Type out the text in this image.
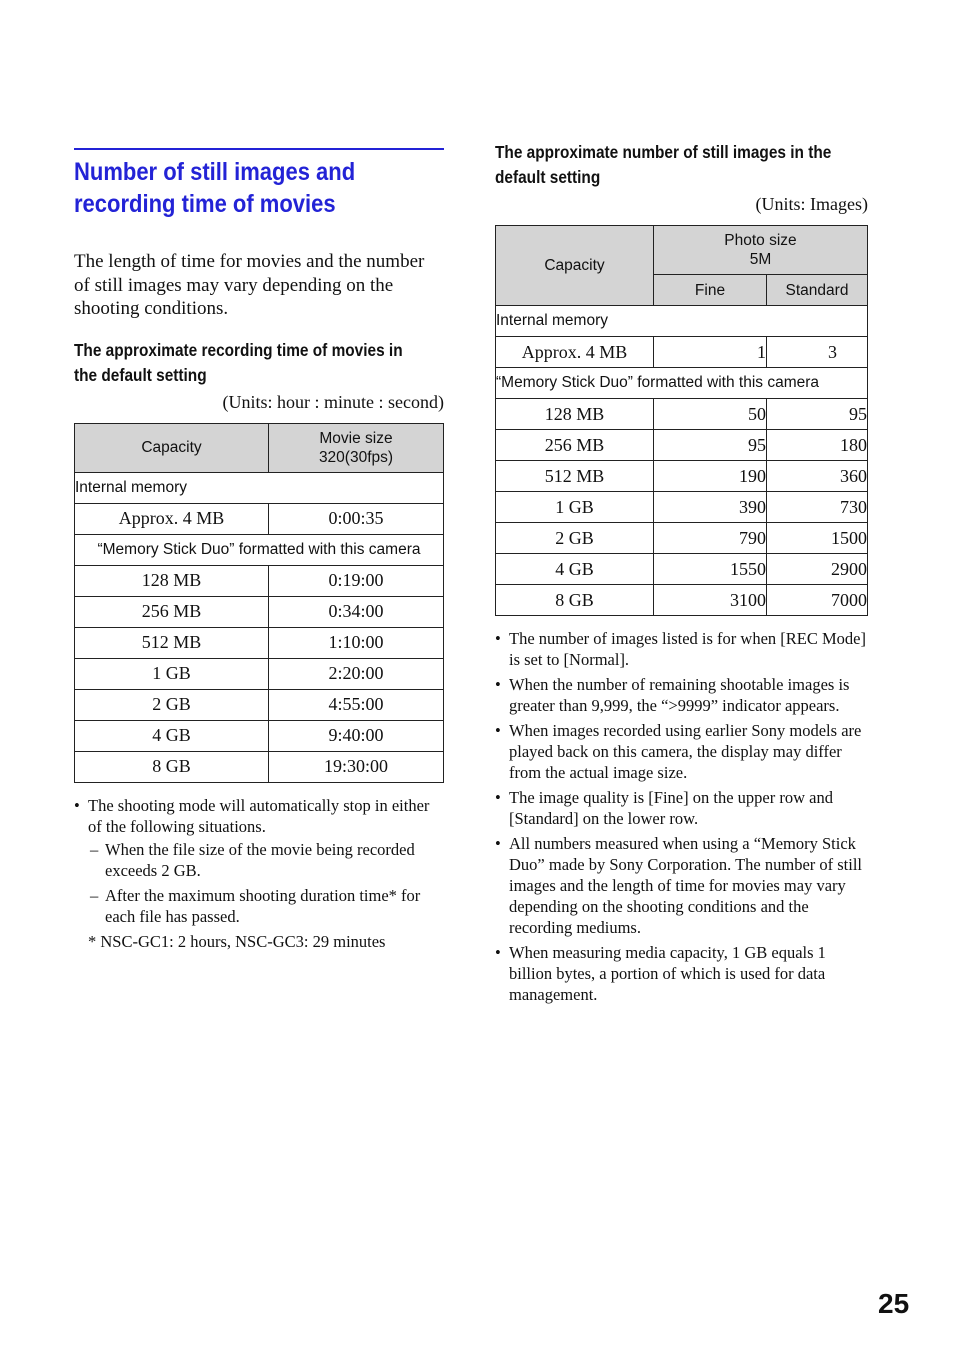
Number of still images and
recording time of movies

The length of time for movies and the number of still images may vary depending on the shooting conditions.

The approximate recording time of movies in
the default setting
(Units: hour : minute : second)
Capacity	Movie size
320(30fps)
Internal memory	
Approx. 4 MB	0:00:35
“Memory Stick Duo” formatted with this camera	
128 MB	0:19:00
256 MB	0:34:00
512 MB	1:10:00
1 GB	2:20:00
2 GB	4:55:00
4 GB	9:40:00
8 GB	19:30:00
• The shooting mode will automatically stop in either of the following situations.
– When the file size of the movie being recorded exceeds 2 GB.
– After the maximum shooting duration time* for each file has passed.
* NSC-GC1: 2 hours, NSC-GC3: 29 minutes
The approximate number of still images in the
default setting
(Units: Images)
Capacity	Photo size
5M	
	Fine	Standard
Internal memory		
Approx. 4 MB	1	3
“Memory Stick Duo” formatted with this camera		
128 MB	50	95
256 MB	95	180
512 MB	190	360
1 GB	390	730
2 GB	790	1500
4 GB	1550	2900
8 GB	3100	7000
• The number of images listed is for when [REC Mode] is set to [Normal].
• When the number of remaining shootable images is greater than 9,999, the “>9999” indicator appears.
• When images recorded using earlier Sony models are played back on this camera, the display may differ from the actual image size.
• The image quality is [Fine] on the upper row and [Standard] on the lower row.
• All numbers measured when using a “Memory Stick Duo” made by Sony Corporation. The number of still images and the length of time for movies may vary depending on the shooting conditions and the recording mediums.
• When measuring media capacity, 1 GB equals 1 billion bytes, a portion of which is used for data management.
25
